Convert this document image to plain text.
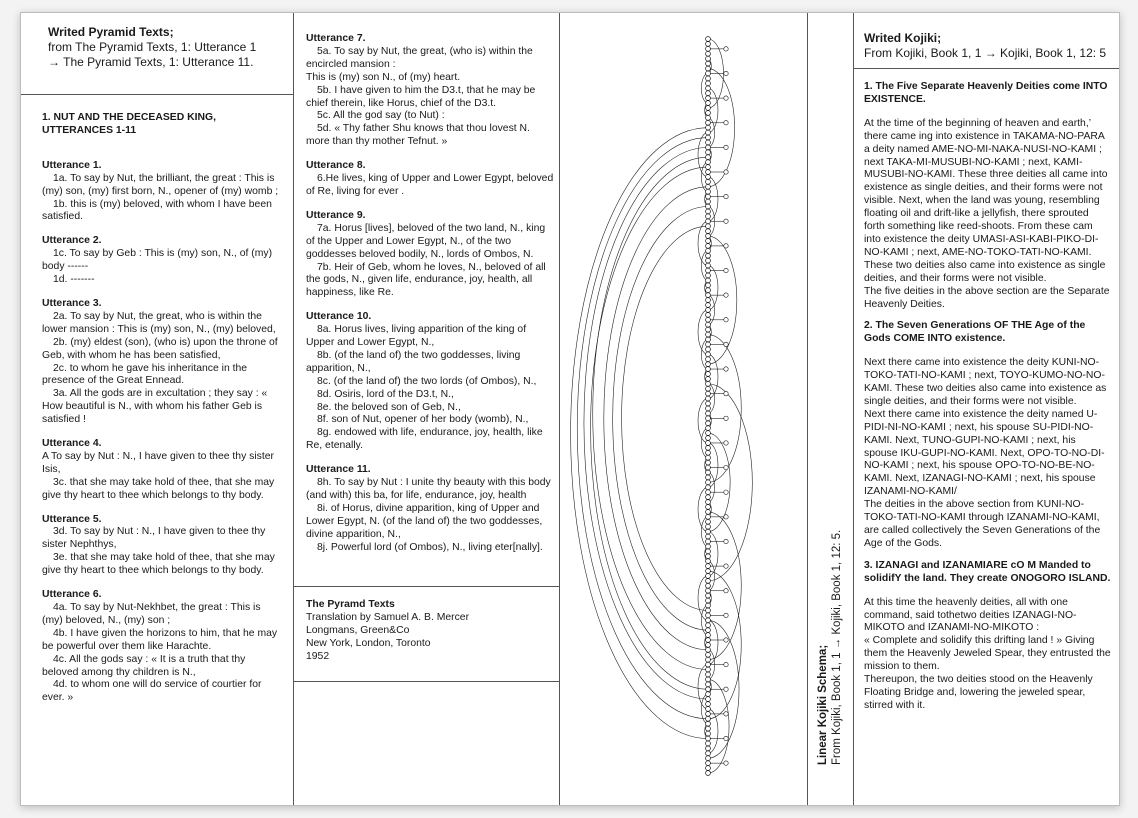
Writed Pyramid Texts;
from The Pyramid Texts, 1: Utterance 1
→ The Pyramid Texts, 1: Utterance 11.
1. NUT AND THE DECEASED KING, UTTERANCES 1-11
Utterance 1.
1a. To say by Nut, the brilliant, the great : This is (my) son, (my) first born, N., opener of (my) womb ;
1b. this is (my) beloved, with whom I have been satisfied.
Utterance 2.
1c. To say by Geb : This is (my) son, N., of (my) body ------
1d. -------
Utterance 3.
2a. To say by Nut, the great, who is within the lower mansion : This is (my) son, N., (my) beloved,
2b. (my) eldest (son), (who is) upon the throne of Geb, with whom he has been satisfied,
2c. to whom he gave his inheritance in the presence of the Great Ennead.
3a. All the gods are in excultation ; they say : « How beautiful is N., with whom his father Geb is satisfied !
Utterance 4.
A To say by Nut : N., I have given to thee thy sister Isis,
3c. that she may take hold of thee, that she may give thy heart to thee which belongs to thy body.
Utterance 5.
3d. To say by Nut : N., I have given to thee thy sister Nephthys,
3e. that she may take hold of thee, that she may give thy heart to thee which belongs to thy body.
Utterance 6.
4a. To say by Nut-Nekhbet, the great : This is (my) beloved, N., (my) son ;
4b. I have given the horizons to him, that he may be powerful over them like Harachte.
4c. All the gods say : « It is a truth that thy beloved among thy children is N.,
4d. to whom one will do service of courtier for ever. »
Utterance 7.
5a. To say by Nut, the great, (who is) within the encircled mansion :
This is (my) son N., of (my) heart.
5b. I have given to him the D3.t, that he may be chief therein, like Horus, chief of the D3.t.
5c. All the god say (to Nut) :
5d. « Thy father Shu knows that thou lovest N. more than thy mother Tefnut. »
Utterance 8.
6.He lives, king of Upper and Lower Egypt, beloved of Re, living for ever .
Utterance 9.
7a. Horus [lives], beloved of the two land, N., king of the Upper and Lower Egypt, N., of the two goddesses beloved bodily, N., lords of Ombos, N.
7b. Heir of Geb, whom he loves, N., beloved of all the gods, N., given life, endurance, joy, health, all happiness, like Re.
Utterance 10.
8a. Horus lives, living apparition of the king of Upper and Lower Egypt, N.,
8b. (of the land of) the two goddesses, living apparition, N.,
8c. (of the land of) the two lords (of Ombos), N.,
8d. Osiris, lord of the D3.t, N.,
8e. the beloved son of Geb, N.,
8f. son of Nut, opener of her body (womb), N.,
8g. endowed with life, endurance, joy, health, like Re, etenally.
Utterance 11.
8h. To say by Nut : I unite thy beauty with this body (and with) this ba, for life, endurance, joy, health
8i. of Horus, divine apparition, king of Upper and Lower Egypt, N. (of the land of) the two goddesses, divine apparition, N.,
8j. Powerful lord (of Ombos), N., living eter[nally].
The Pyramd Texts
Translation by Samuel A. B. Mercer
Longmans, Green&Co
New York, London, Toronto
1952	Linear Kojiki Schema; From Kojiki, Book 1, 1 → Kojiki, Book 1, 12: 5.
Writed Kojiki;
From Kojiki, Book 1, 1 → Kojiki, Book 1, 12: 5
1. The Five Separate Heavenly Deities come INTO EXISTENCE.
At the time of the beginning of heaven and earth,’ there came ing into existence in TAKAMA-NO-PARA a deity named AME-NO-MI-NAKA-NUSI-NO-KAMI ; next TAKA-MI-MUSUBI-NO-KAMI ; next, KAMI-MUSUBI-NO-KAMI. These three deities all came into existence as single deities, and their forms were not visible. Next, when the land was young, resembling floating oil and drift-like a jellyfish, there sprouted forth something like reed-shoots. From these cam into existence the deity UMASI-ASI-KABI-PIKO-DI-NO-KAMI ; next, AME-NO-TOKO-TATI-NO-KAMI. These two deities also came into existence as single deities, and their forms were not visible.
The five deities in the above section are the Separate Heavenly Deities.
2. The Seven Generations OF THE Age of the Gods COME INTO existence.
Next there came into existence the deity KUNI-NO-TOKO-TATI-NO-KAMI ; next, TOYO-KUMO-NO-NO-KAMI. These two deities also came into existence as single deities, and their forms were not visible.
Next there came into existence the deity named U-PIDI-NI-NO-KAMI ; next, his spouse SU-PIDI-NO-KAMI. Next, TUNO-GUPI-NO-KAMI ; next, his spouse IKU-GUPI-NO-KAMI. Next, OPO-TO-NO-DI-NO-KAMI ; next, his spouse OPO-TO-NO-BE-NO-KAMI. Next, IZANAGI-NO-KAMI ; next, his spouse IZANAMI-NO-KAMI/
The deities in the above section from KUNI-NO-TOKO-TATI-NO-KAMI through IZANAMI-NO-KAMI, are called collectively the Seven Generations of the Age of the Gods.
3. IZANAGI and IZANAMIARE cO M Manded to solidifY the land. They create ONOGORO ISLAND.
At this time the heavenly deities, all with one command, said tothetwo deities IZANAGI-NO-MIKOTO and IZANAMI-NO-MIKOTO :
« Complete and solidify this drifting land ! » Giving them the Heavenly Jeweled Spear, they entrusted the mission to them.
Thereupon, the two deities stood on the Heavenly Floating Bridge and, lowering the jeweled spear, stirred with it.
